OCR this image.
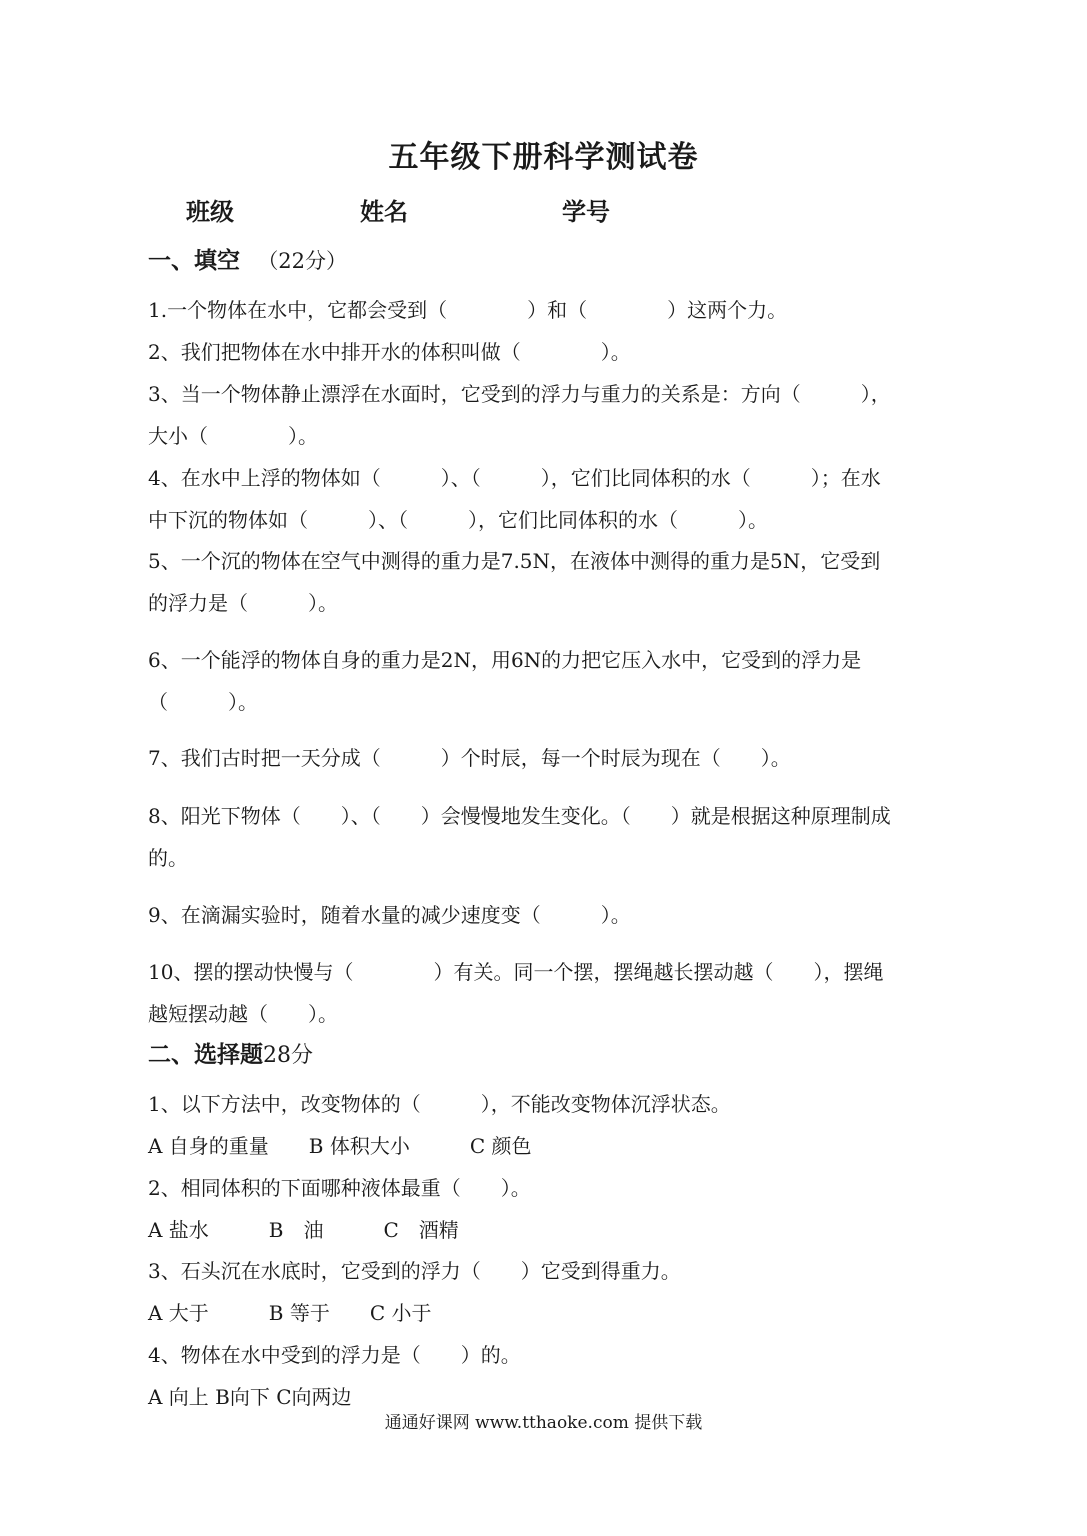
五年级下册科学测试卷
班级	姓名	学号
一、填空 （22分）
1.一个物体在水中，它都会受到（　　　　）和（　　　　）这两个力。
2、我们把物体在水中排开水的体积叫做（　　　　）。
3、当一个物体静止漂浮在水面时，它受到的浮力与重力的关系是：方向（　　　），
大小（　　　　）。
4、在水中上浮的物体如（　　　）、（　　　），它们比同体积的水（　　　）；在水
中下沉的物体如（　　　）、（　　　），它们比同体积的水（　　　）。
5、一个沉的物体在空气中测得的重力是7.5N，在液体中测得的重力是5N，它受到
的浮力是（　　　）。
6、一个能浮的物体自身的重力是2N，用6N的力把它压入水中，它受到的浮力是
（　　　）。
7、我们古时把一天分成（　　　）个时辰，每一个时辰为现在（　　）。
8、阳光下物体（　　）、（　　）会慢慢地发生变化。（　　）就是根据这种原理制成
的。
9、在滴漏实验时，随着水量的减少速度变（　　　）。
10、摆的摆动快慢与（　　　　）有关。同一个摆，摆绳越长摆动越（　　），摆绳
越短摆动越（　　）。
二、选择题28分
1、以下方法中，改变物体的（　　　），不能改变物体沉浮状态。
A 自身的重量　　B 体积大小　　　C 颜色
2、相同体积的下面哪种液体最重（　　）。
A 盐水　　　B　油　　　C　酒精
3、石头沉在水底时，它受到的浮力（　　）它受到得重力。
A 大于　　　B 等于　　C 小于
4、物体在水中受到的浮力是（　　）的。
A 向上 B向下 C向两边
通通好课网 www.tthaoke.com 提供下载
